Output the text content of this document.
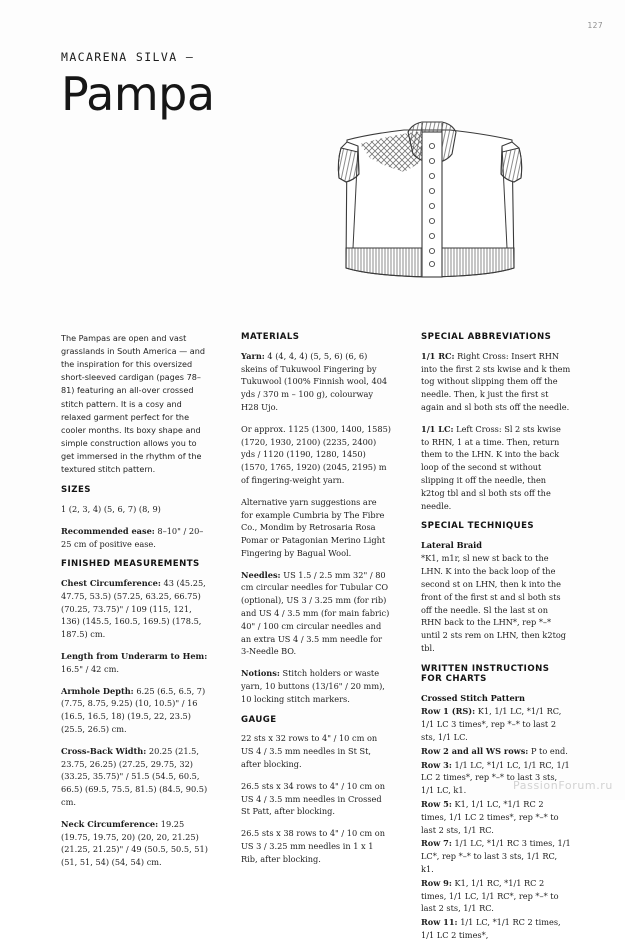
127
MACARENA SILVA —
Pampa

The Pampas are open and vast grasslands in South America — and the inspiration for this oversized short-sleeved cardigan (pages 78–81) featuring an all-over crossed stitch pattern. It is a cosy and relaxed garment perfect for the cooler months. Its boxy shape and simple construction allows you to get immersed in the rhythm of the textured stitch pattern.

SIZES

1 (2, 3, 4) (5, 6, 7) (8, 9)

Recommended ease: 8–10" / 20–25 cm of positive ease.

FINISHED MEASUREMENTS

Chest Circumference: 43 (45.25, 47.75, 53.5) (57.25, 63.25, 66.75) (70.25, 73.75)" / 109 (115, 121, 136) (145.5, 160.5, 169.5) (178.5, 187.5) cm.

Length from Underarm to Hem: 16.5" / 42 cm.

Armhole Depth: 6.25 (6.5, 6.5, 7) (7.75, 8.75, 9.25) (10, 10.5)" / 16 (16.5, 16.5, 18) (19.5, 22, 23.5) (25.5, 26.5) cm.

Cross-Back Width: 20.25 (21.5, 23.75, 26.25) (27.25, 29.75, 32) (33.25, 35.75)" / 51.5 (54.5, 60.5, 66.5) (69.5, 75.5, 81.5) (84.5, 90.5) cm.

Neck Circumference: 19.25 (19.75, 19.75, 20) (20, 20, 21.25) (21.25, 21.25)" / 49 (50.5, 50.5, 51) (51, 51, 54) (54, 54) cm.

MATERIALS

Yarn: 4 (4, 4, 4) (5, 5, 6) (6, 6) skeins of Tukuwool Fingering by Tukuwool (100% Finnish wool, 404 yds / 370 m – 100 g), colourway H28 Ujo.

Or approx. 1125 (1300, 1400, 1585) (1720, 1930, 2100) (2235, 2400) yds / 1120 (1190, 1280, 1450) (1570, 1765, 1920) (2045, 2195) m of fingering-weight yarn.

Alternative yarn suggestions are for example Cumbria by The Fibre Co., Mondim by Retrosaria Rosa Pomar or Patagonian Merino Light Fingering by Bagual Wool.

Needles: US 1.5 / 2.5 mm 32" / 80 cm circular needles for Tubular CO (optional), US 3 / 3.25 mm (for rib) and US 4 / 3.5 mm (for main fabric) 40" / 100 cm circular needles and an extra US 4 / 3.5 mm needle for 3-Needle BO.

Notions: Stitch holders or waste yarn, 10 buttons (13/16" / 20 mm), 10 locking stitch markers.

GAUGE

22 sts x 32 rows to 4" / 10 cm on US 4 / 3.5 mm needles in St St, after blocking.

26.5 sts x 34 rows to 4" / 10 cm on US 4 / 3.5 mm needles in Crossed St Patt, after blocking.

26.5 sts x 38 rows to 4" / 10 cm on US 3 / 3.25 mm needles in 1 x 1 Rib, after blocking.

SPECIAL ABBREVIATIONS

1/1 RC: Right Cross: Insert RHN into the first 2 sts kwise and k them tog without slipping them off the needle. Then, k just the first st again and sl both sts off the needle.

1/1 LC: Left Cross: Sl 2 sts kwise to RHN, 1 at a time. Then, return them to the LHN. K into the back loop of the second st without slipping it off the needle, then k2tog tbl and sl both sts off the needle.

SPECIAL TECHNIQUES
Lateral Braid

*K1, m1r, sl new st back to the LHN. K into the back loop of the second st on LHN, then k into the front of the first st and sl both sts off the needle. Sl the last st on RHN back to the LHN*, rep *–* until 2 sts rem on LHN, then k2tog tbl.

WRITTEN INSTRUCTIONS FOR CHARTS
Crossed Stitch Pattern

Row 1 (RS): K1, 1/1 LC, *1/1 RC, 1/1 LC 3 times*, rep *–* to last 2 sts, 1/1 LC.

Row 2 and all WS rows: P to end.

Row 3: 1/1 LC, *1/1 LC, 1/1 RC, 1/1 LC 2 times*, rep *–* to last 3 sts, 1/1 LC, k1.

Row 5: K1, 1/1 LC, *1/1 RC 2 times, 1/1 LC 2 times*, rep *–* to last 2 sts, 1/1 RC.

Row 7: 1/1 LC, *1/1 RC 3 times, 1/1 LC*, rep *–* to last 3 sts, 1/1 RC, k1.

Row 9: K1, 1/1 RC, *1/1 RC 2 times, 1/1 LC, 1/1 RC*, rep *–* to last 2 sts, 1/1 RC.

Row 11: 1/1 LC, *1/1 RC 2 times, 1/1 LC 2 times*,

PassionForum.ru
